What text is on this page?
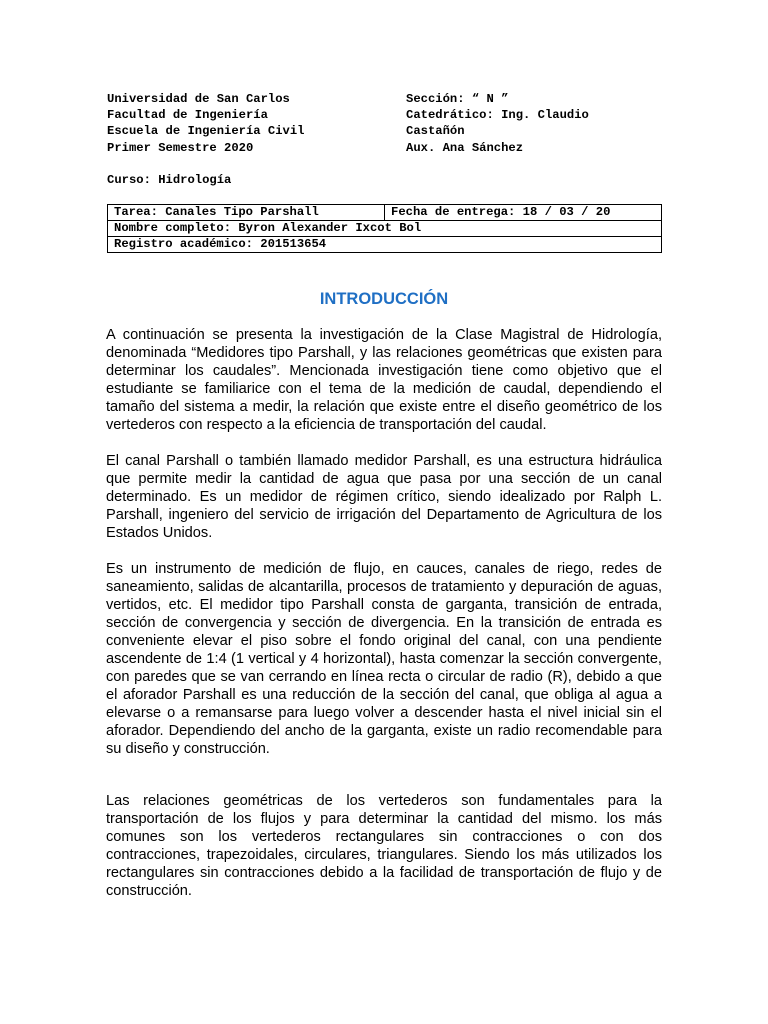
Universidad de San Carlos
Facultad de Ingeniería
Escuela de Ingeniería Civil
Primer Semestre 2020
Sección: “ N ”
Catedrático: Ing. Claudio
Castañón
Aux. Ana Sánchez
Curso: Hidrología
Tarea: Canales Tipo Parshall	Fecha de entrega: 18 / 03 / 20
Nombre completo: Byron Alexander Ixcot Bol
Registro académico: 201513654
INTRODUCCIÓN
A continuación se presenta la investigación de la Clase Magistral de Hidrología, denominada “Medidores tipo Parshall, y las relaciones geométricas que existen para determinar los caudales”. Mencionada investigación tiene como objetivo que el estudiante se familiarice con el tema de la medición de caudal, dependiendo el tamaño del sistema a medir, la relación que existe entre el diseño geométrico de los vertederos con respecto a la eficiencia de transportación del caudal.
El canal Parshall o también llamado medidor Parshall, es una estructura hidráulica que permite medir la cantidad de agua que pasa por una sección de un canal determinado. Es un medidor de régimen crítico, siendo idealizado por Ralph L. Parshall, ingeniero del servicio de irrigación del Departamento de Agricultura de los Estados Unidos.
Es un instrumento de medición de flujo, en cauces, canales de riego, redes de saneamiento, salidas de alcantarilla, procesos de tratamiento y depuración de aguas, vertidos, etc. El medidor tipo Parshall consta de garganta, transición de entrada, sección de convergencia y sección de divergencia. En la transición de entrada es conveniente elevar el piso sobre el fondo original del canal, con una pendiente ascendente de 1:4 (1 vertical y 4 horizontal), hasta comenzar la sección convergente, con paredes que se van cerrando en línea recta o circular de radio (R), debido a que el aforador Parshall es una reducción de la sección del canal, que obliga al agua a elevarse o a remansarse para luego volver a descender hasta el nivel inicial sin el aforador. Dependiendo del ancho de la garganta, existe un radio recomendable para su diseño y construcción.
Las relaciones geométricas de los vertederos son fundamentales para la transportación de los flujos y para determinar la cantidad del mismo. los más comunes son los vertederos rectangulares sin contracciones o con dos contracciones, trapezoidales, circulares, triangulares. Siendo los más utilizados los rectangulares sin contracciones debido a la facilidad de transportación de flujo y de construcción.
